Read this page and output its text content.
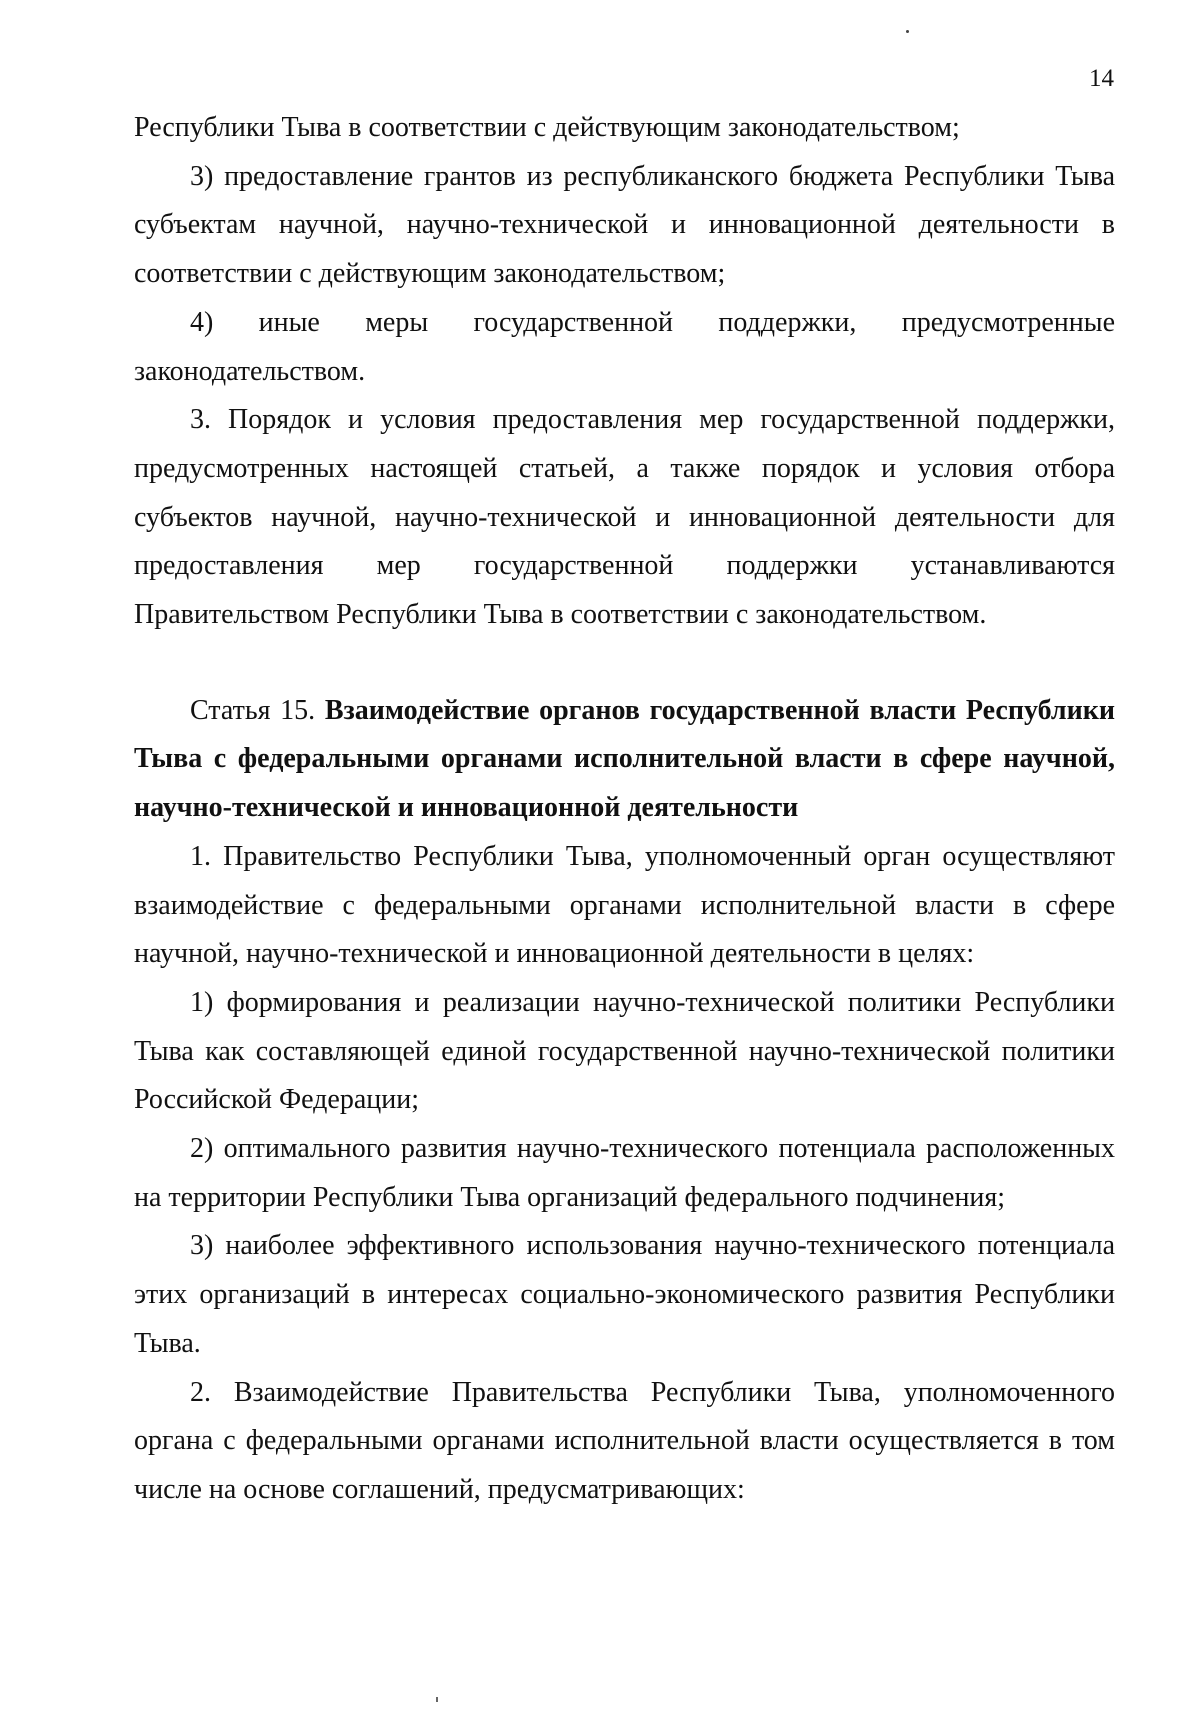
14

Республики Тыва в соответствии с действующим законодательством;

3) предоставление грантов из республиканского бюджета Республики Тыва субъектам научной, научно-технической и инновационной деятельности в соответствии с действующим законодательством;

4) иные меры государственной поддержки, предусмотренные законодательством.

3. Порядок и условия предоставления мер государственной поддержки, предусмотренных настоящей статьей, а также порядок и условия отбора субъектов научной, научно-технической и инновационной деятельности для предоставления мер государственной поддержки устанавливаются Правительством Республики Тыва в соответствии с законодательством.

Статья 15. Взаимодействие органов государственной власти Республики Тыва с федеральными органами исполнительной власти в сфере научной, научно-технической и инновационной деятельности

1. Правительство Республики Тыва, уполномоченный орган осуществляют взаимодействие с федеральными органами исполнительной власти в сфере научной, научно-технической и инновационной деятельности в целях:

1) формирования и реализации научно-технической политики Республики Тыва как составляющей единой государственной научно-технической политики Российской Федерации;

2) оптимального развития научно-технического потенциала расположенных на территории Республики Тыва организаций федерального подчинения;

3) наиболее эффективного использования научно-технического потенциала этих организаций в интересах социально-экономического развития Республики Тыва.

2. Взаимодействие Правительства Республики Тыва, уполномоченного органа с федеральными органами исполнительной власти осуществляется в том числе на основе соглашений, предусматривающих:
